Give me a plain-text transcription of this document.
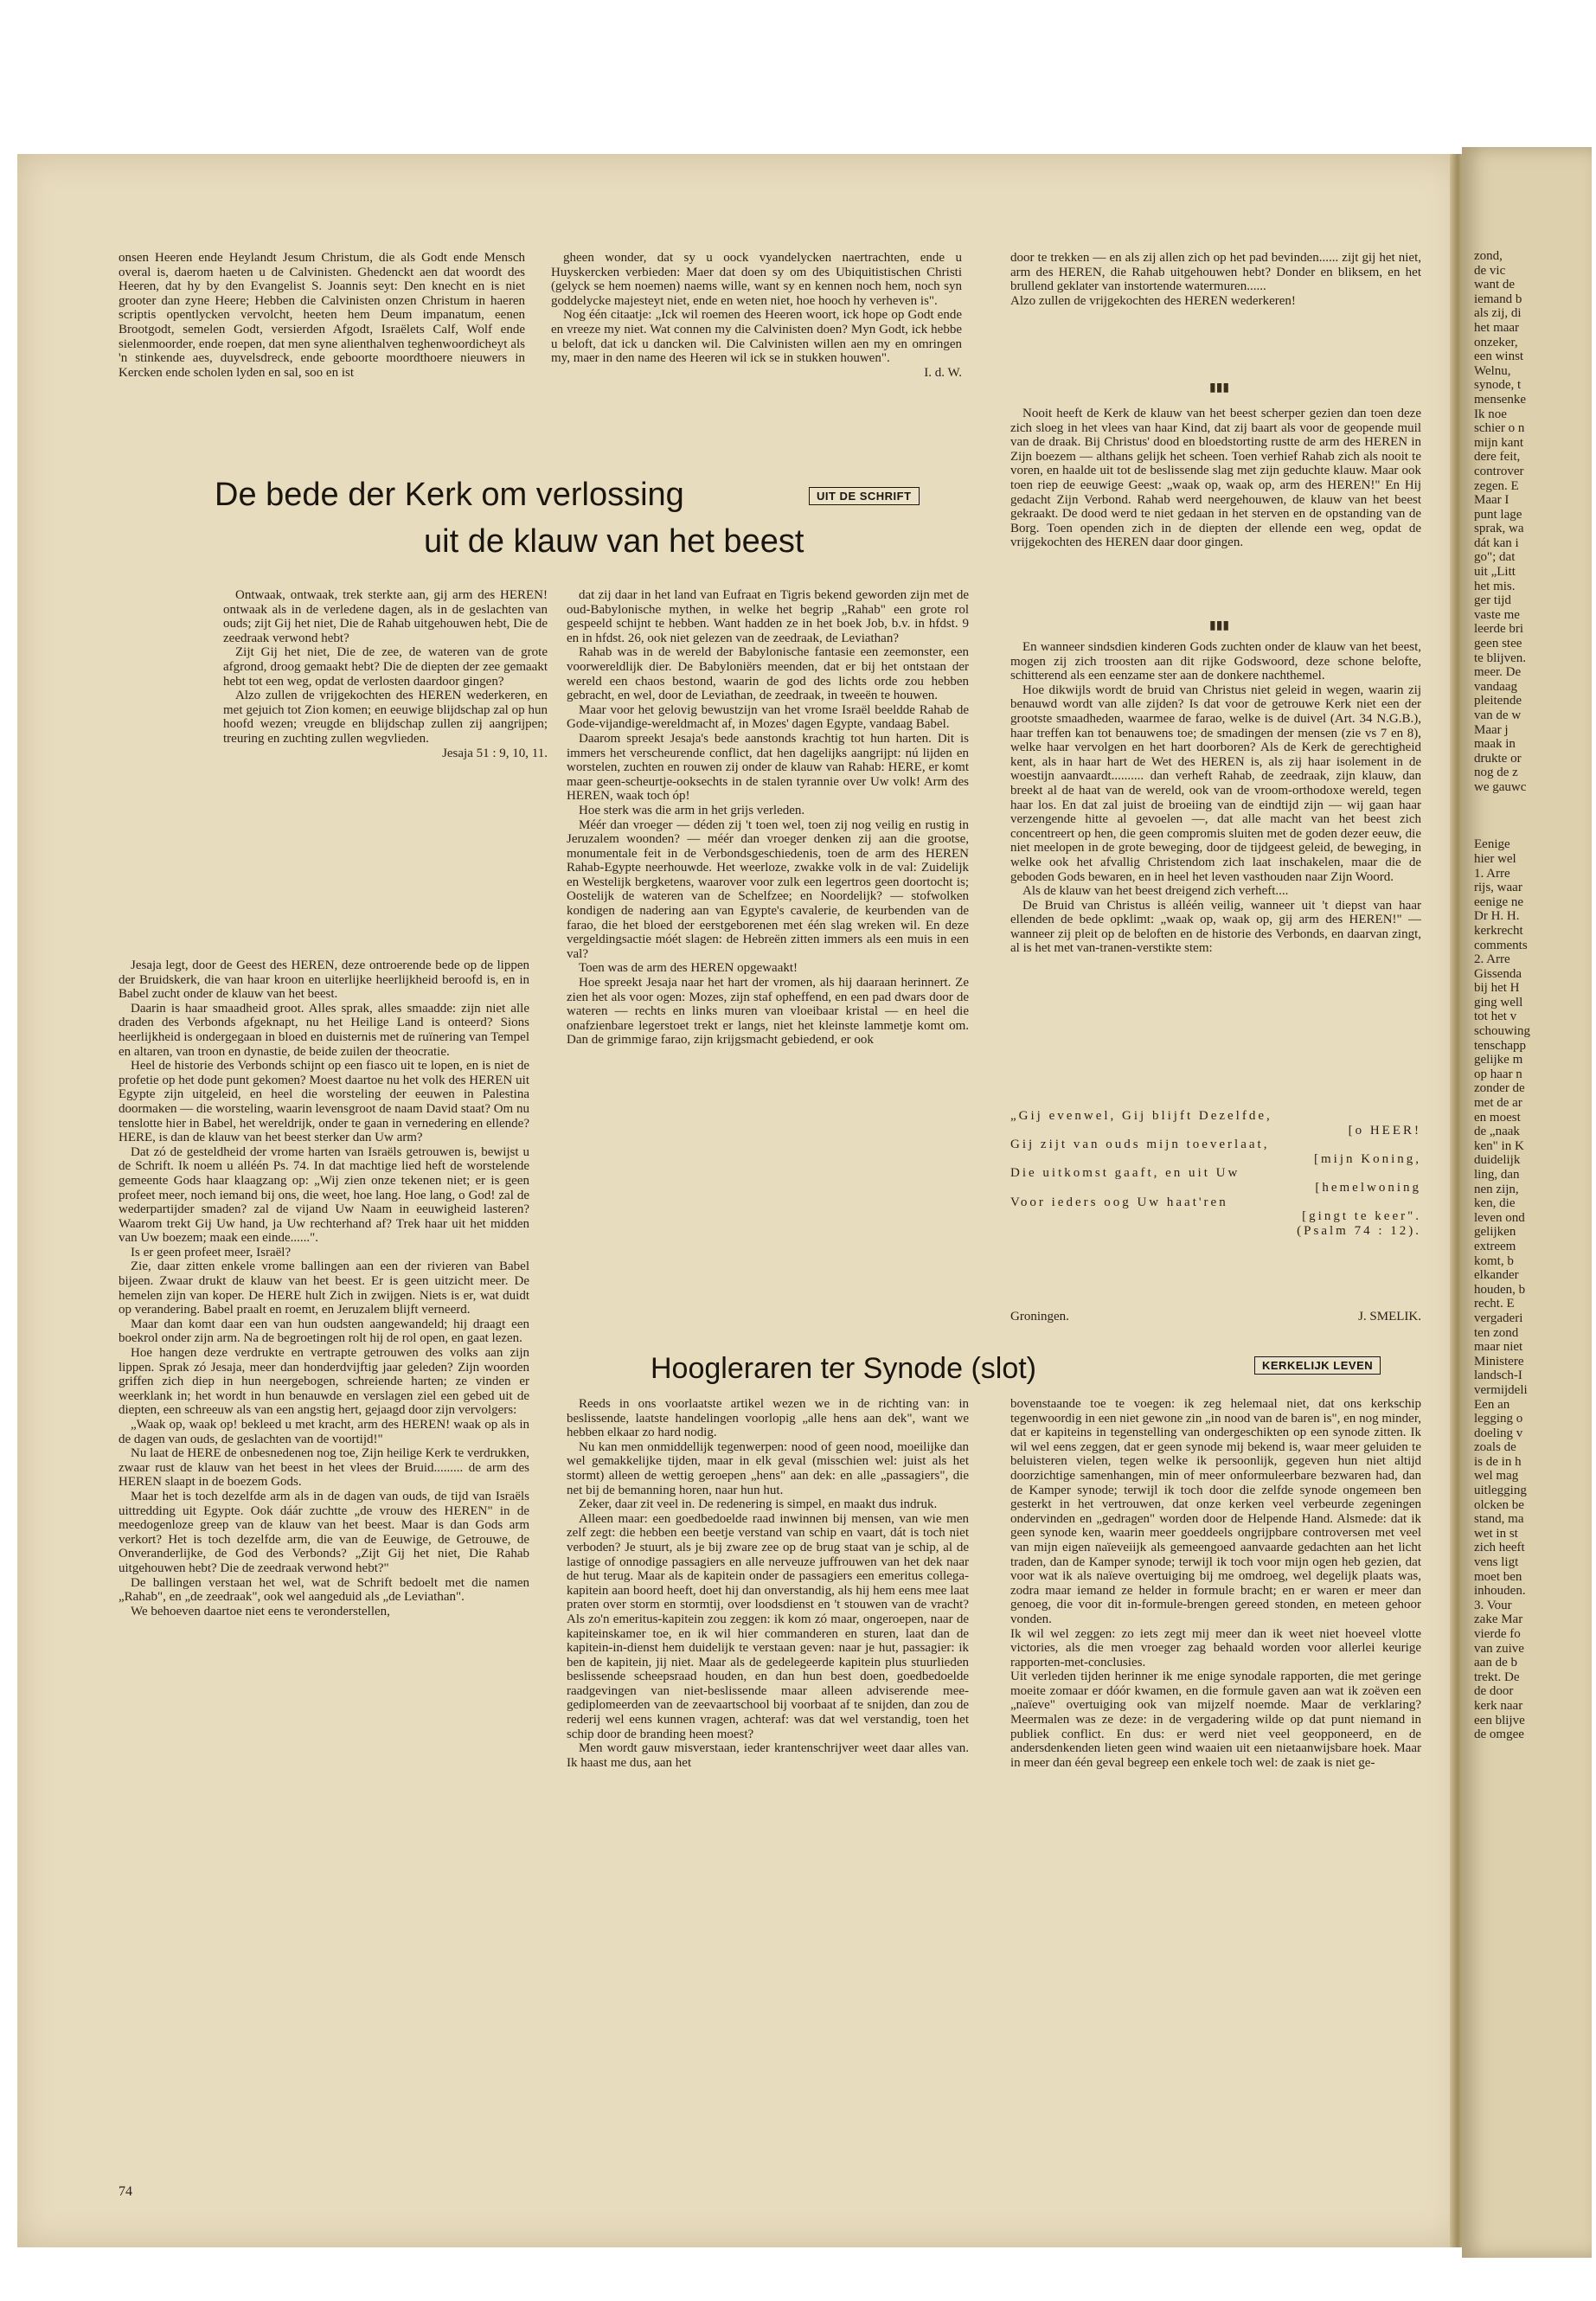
zond,
de vic
want de
iemand b
als zij, di
het maar
onzeker,
een winst
Welnu,
synode, t
mensenke
Ik noe
schier o n
mijn kant
dere feit,
controver
zegen. E
Maar I
punt lage
sprak, wa
dát kan i
go"; dat
uit „Litt
het mis.
ger tijd
vaste me
leerde bri
geen stee
te blijven.
meer. De
vandaag
pleitende
van de w
Maar j
maak in
drukte or
nog de z
we gauwc

Eenige
hier wel
1. Arre
rijs, waar
eenige ne
Dr H. H.
kerkrecht
comments
2. Arre
Gissenda
bij het H
ging well
tot het v
schouwing
tenschapp
gelijke m
op haar n
zonder de
met de ar
en moest
de „naak
ken" in K
duidelijk
ling, dan
nen zijn,
ken, die
leven ond
gelijken
extreem
komt, b
elkander
houden, b
recht. E
vergaderi
ten zond
maar niet
Ministere
landsch-I
vermijdeli
Een an
legging o
doeling v
zoals de
is de in h
wel mag
uitlegging
olcken be
stand, ma
wet in st
zich heeft
vens ligt
moet ben
inhouden.
3. Vour
zake Mar
vierde fo
van zuive
aan de b
trekt. De
de door
kerk naar
een blijve
de omgee

onsen Heeren ende Heylandt Jesum Christum, die als Godt ende Mensch overal is, daerom haeten u de Calvinisten. Ghedenckt aen dat woordt des Heeren, dat hy by den Evangelist S. Joannis seyt: Den knecht en is niet grooter dan zyne Heere; Hebben die Calvinisten onzen Christum in haeren scriptis opentlycken vervolcht, heeten hem Deum impanatum, eenen Brootgodt, semelen Godt, versierden Afgodt, Israëlets Calf, Wolf ende sielenmoorder, ende roepen, dat men syne alienthalven teghenwoordicheyt als 'n stinkende aes, duyvelsdreck, ende geboorte moordthoere nieuwers in Kercken ende scholen lyden en sal, soo en ist

gheen wonder, dat sy u oock vyandelycken naertrachten, ende u Huyskercken verbieden: Maer dat doen sy om des Ubiquitistischen Christi (gelyck se hem noemen) naems wille, want sy en kennen noch hem, noch syn goddelycke majesteyt niet, ende en weten niet, hoe hooch hy verheven is".

Nog één citaatje: „Ick wil roemen des Heeren woort, ick hope op Godt ende en vreeze my niet. Wat connen my die Calvinisten doen? Myn Godt, ick hebbe u beloft, dat ick u dancken wil. Die Calvinisten willen aen my en omringen my, maer in den name des Heeren wil ick se in stukken houwen".

I. d. W.

De bede der Kerk om verlossing
uit de klauw van het beest
UIT DE SCHRIFT

Ontwaak, ontwaak, trek sterkte aan, gij arm des HEREN! ontwaak als in de verledene dagen, als in de geslachten van ouds; zijt Gij het niet, Die de Rahab uitgehouwen hebt, Die de zeedraak verwond hebt?

Zijt Gij het niet, Die de zee, de wateren van de grote afgrond, droog gemaakt hebt? Die de diepten der zee gemaakt hebt tot een weg, opdat de verlosten daardoor gingen?

Alzo zullen de vrijgekochten des HEREN wederkeren, en met gejuich tot Zion komen; en eeuwige blijdschap zal op hun hoofd wezen; vreugde en blijdschap zullen zij aangrijpen; treuring en zuchting zullen wegvlieden.

Jesaja 51 : 9, 10, 11.

Jesaja legt, door de Geest des HEREN, deze ontroerende bede op de lippen der Bruidskerk, die van haar kroon en uiterlijke heerlijkheid beroofd is, en in Babel zucht onder de klauw van het beest.

Daarin is haar smaadheid groot. Alles sprak, alles smaadde: zijn niet alle draden des Verbonds afgeknapt, nu het Heilige Land is onteerd? Sions heerlijkheid is ondergegaan in bloed en duisternis met de ruïnering van Tempel en altaren, van troon en dynastie, de beide zuilen der theocratie.

Heel de historie des Verbonds schijnt op een fiasco uit te lopen, en is niet de profetie op het dode punt gekomen? Moest daartoe nu het volk des HEREN uit Egypte zijn uitgeleid, en heel die worsteling der eeuwen in Palestina doormaken — die worsteling, waarin levensgroot de naam David staat? Om nu tenslotte hier in Babel, het wereldrijk, onder te gaan in vernedering en ellende? HERE, is dan de klauw van het beest sterker dan Uw arm?

Dat zó de gesteldheid der vrome harten van Israëls getrouwen is, bewijst u de Schrift. Ik noem u alléén Ps. 74. In dat machtige lied heft de worstelende gemeente Gods haar klaagzang op: „Wij zien onze tekenen niet; er is geen profeet meer, noch iemand bij ons, die weet, hoe lang. Hoe lang, o God! zal de wederpartijder smaden? zal de vijand Uw Naam in eeuwigheid lasteren? Waarom trekt Gij Uw hand, ja Uw rechterhand af? Trek haar uit het midden van Uw boezem; maak een einde......".

Is er geen profeet meer, Israël?

Zie, daar zitten enkele vrome ballingen aan een der rivieren van Babel bijeen. Zwaar drukt de klauw van het beest. Er is geen uitzicht meer. De hemelen zijn van koper. De HERE hult Zich in zwijgen. Niets is er, wat duidt op verandering. Babel praalt en roemt, en Jeruzalem blijft verneerd.

Maar dan komt daar een van hun oudsten aangewandeld; hij draagt een boekrol onder zijn arm. Na de begroetingen rolt hij de rol open, en gaat lezen.

Hoe hangen deze verdrukte en vertrapte getrouwen des volks aan zijn lippen. Sprak zó Jesaja, meer dan honderdvijftig jaar geleden? Zijn woorden griffen zich diep in hun neergebogen, schreiende harten; ze vinden er weerklank in; het wordt in hun benauwde en verslagen ziel een gebed uit de diepten, een schreeuw als van een angstig hert, gejaagd door zijn vervolgers:

„Waak op, waak op! bekleed u met kracht, arm des HEREN! waak op als in de dagen van ouds, de geslachten van de voortijd!"

Nu laat de HERE de onbesnedenen nog toe, Zijn heilige Kerk te verdrukken, zwaar rust de klauw van het beest in het vlees der Bruid......... de arm des HEREN slaapt in de boezem Gods.

Maar het is toch dezelfde arm als in de dagen van ouds, de tijd van Israëls uittredding uit Egypte. Ook dáár zuchtte „de vrouw des HEREN" in de meedogenloze greep van de klauw van het beest. Maar is dan Gods arm verkort? Het is toch dezelfde arm, die van de Eeuwige, de Getrouwe, de Onveranderlijke, de God des Verbonds? „Zijt Gij het niet, Die Rahab uitgehouwen hebt? Die de zeedraak verwond hebt?"

De ballingen verstaan het wel, wat de Schrift bedoelt met die namen „Rahab", en „de zeedraak", ook wel aangeduid als „de Leviathan".

We behoeven daartoe niet eens te veronderstellen,

dat zij daar in het land van Eufraat en Tigris bekend geworden zijn met de oud-Babylonische mythen, in welke het begrip „Rahab" een grote rol gespeeld schijnt te hebben. Want hadden ze in het boek Job, b.v. in hfdst. 9 en in hfdst. 26, ook niet gelezen van de zeedraak, de Leviathan?

Rahab was in de wereld der Babylonische fantasie een zeemonster, een voorwereldlijk dier. De Babyloniërs meenden, dat er bij het ontstaan der wereld een chaos bestond, waarin de god des lichts orde zou hebben gebracht, en wel, door de Leviathan, de zeedraak, in tweeën te houwen.

Maar voor het gelovig bewustzijn van het vrome Israël beeldde Rahab de Gode-vijandige-wereldmacht af, in Mozes' dagen Egypte, vandaag Babel.

Daarom spreekt Jesaja's bede aanstonds krachtig tot hun harten. Dit is immers het verscheurende conflict, dat hen dagelijks aangrijpt: nú lijden en worstelen, zuchten en rouwen zij onder de klauw van Rahab: HERE, er komt maar geen-scheurtje-ooksechts in de stalen tyrannie over Uw volk! Arm des HEREN, waak toch óp!

Hoe sterk was die arm in het grijs verleden.

Méér dan vroeger — déden zij 't toen wel, toen zij nog veilig en rustig in Jeruzalem woonden? — méér dan vroeger denken zij aan die grootse, monumentale feit in de Verbondsgeschiedenis, toen de arm des HEREN Rahab-Egypte neerhouwde. Het weerloze, zwakke volk in de val: Zuidelijk en Westelijk bergketens, waarover voor zulk een legertros geen doortocht is; Oostelijk de wateren van de Schelfzee; en Noordelijk? — stofwolken kondigen de nadering aan van Egypte's cavalerie, de keurbenden van de farao, die het bloed der eerstgeborenen met één slag wreken wil. En deze vergeldingsactie móét slagen: de Hebreën zitten immers als een muis in een val?

Toen was de arm des HEREN opgewaakt!

Hoe spreekt Jesaja naar het hart der vromen, als hij daaraan herinnert. Ze zien het als voor ogen: Mozes, zijn staf opheffend, en een pad dwars door de wateren — rechts en links muren van vloeibaar kristal — en heel die onafzienbare legerstoet trekt er langs, niet het kleinste lammetje komt om. Dan de grimmige farao, zijn krijgsmacht gebiedend, er ook

door te trekken — en als zij allen zich op het pad bevinden...... zijt gij het niet, arm des HEREN, die Rahab uitgehouwen hebt? Donder en bliksem, en het brullend geklater van instortende watermuren......

Alzo zullen de vrijgekochten des HEREN wederkeren!

▮▮▮

Nooit heeft de Kerk de klauw van het beest scherper gezien dan toen deze zich sloeg in het vlees van haar Kind, dat zij baart als voor de geopende muil van de draak. Bij Christus' dood en bloedstorting rustte de arm des HEREN in Zijn boezem — althans gelijk het scheen. Toen verhief Rahab zich als nooit te voren, en haalde uit tot de beslissende slag met zijn geduchte klauw. Maar ook toen riep de eeuwige Geest: „waak op, waak op, arm des HEREN!" En Hij gedacht Zijn Verbond. Rahab werd neergehouwen, de klauw van het beest gekraakt. De dood werd te niet gedaan in het sterven en de opstanding van de Borg. Toen openden zich in de diepten der ellende een weg, opdat de vrijgekochten des HEREN daar door gingen.

▮▮▮

En wanneer sindsdien kinderen Gods zuchten onder de klauw van het beest, mogen zij zich troosten aan dit rijke Godswoord, deze schone belofte, schitterend als een eenzame ster aan de donkere nachthemel.

Hoe dikwijls wordt de bruid van Christus niet geleid in wegen, waarin zij benauwd wordt van alle zijden? Is dat voor de getrouwe Kerk niet een der grootste smaadheden, waarmee de farao, welke is de duivel (Art. 34 N.G.B.), haar treffen kan tot benauwens toe; de smadingen der mensen (zie vs 7 en 8), welke haar vervolgen en het hart doorboren? Als de Kerk de gerechtigheid kent, als in haar hart de Wet des HEREN is, als zij haar isolement in de woestijn aanvaardt.......... dan verheft Rahab, de zeedraak, zijn klauw, dan breekt al de haat van de wereld, ook van de vroom-orthodoxe wereld, tegen haar los. En dat zal juist de broeiing van de eindtijd zijn — wij gaan haar verzengende hitte al gevoelen —, dat alle macht van het beest zich concentreert op hen, die geen compromis sluiten met de goden dezer eeuw, die niet meelopen in de grote beweging, door de tijdgeest geleid, de beweging, in welke ook het afvallig Christendom zich laat inschakelen, maar die de geboden Gods bewaren, en in heel het leven vasthouden naar Zijn Woord.

Als de klauw van het beest dreigend zich verheft....

De Bruid van Christus is alléén veilig, wanneer uit 't diepst van haar ellenden de bede opklimt: „waak op, waak op, gij arm des HEREN!" — wanneer zij pleit op de beloften en de historie des Verbonds, en daarvan zingt, al is het met van-tranen-verstikte stem:

„Gij evenwel, Gij blijft Dezelfde,

[o HEER!

Gij zijt van ouds mijn toeverlaat,

[mijn Koning,

Die uitkomst gaaft, en uit Uw

[hemelwoning

Voor ieders oog Uw haat'ren

[gingt te keer".

(Psalm 74 : 12).

Groningen.	J. SMELIK.

Hoogleraren ter Synode (slot)	KERKELIJK LEVEN

Reeds in ons voorlaatste artikel wezen we in de richting van: in beslissende, laatste handelingen voorlopig „alle hens aan dek", want we hebben elkaar zo hard nodig.

Nu kan men onmiddellijk tegenwerpen: nood of geen nood, moeilijke dan wel gemakkelijke tijden, maar in elk geval (misschien wel: juist als het stormt) alleen de wettig geroepen „hens" aan dek: en alle „passagiers", die net bij de bemanning horen, naar hun hut.

Zeker, daar zit veel in. De redenering is simpel, en maakt dus indruk.

Alleen maar: een goedbedoelde raad inwinnen bij mensen, van wie men zelf zegt: die hebben een beetje verstand van schip en vaart, dát is toch niet verboden? Je stuurt, als je bij zware zee op de brug staat van je schip, al de lastige of onnodige passagiers en alle nerveuze juffrouwen van het dek naar de hut terug. Maar als de kapitein onder de passagiers een emeritus collega-kapitein aan boord heeft, doet hij dan onverstandig, als hij hem eens mee laat praten over storm en stormtij, over loodsdienst en 't stouwen van de vracht? Als zo'n emeritus-kapitein zou zeggen: ik kom zó maar, ongeroepen, naar de kapiteinskamer toe, en ik wil hier commanderen en sturen, laat dan de kapitein-in-dienst hem duidelijk te verstaan geven: naar je hut, passagier: ik ben de kapitein, jij niet. Maar als de gedelegeerde kapitein plus stuurlieden beslissende scheepsraad houden, en dan hun best doen, goedbedoelde raadgevingen van niet-beslissende maar alleen adviserende mee-gediplomeerden van de zeevaartschool bij voorbaat af te snijden, dan zou de rederij wel eens kunnen vragen, achteraf: was dat wel verstandig, toen het schip door de branding heen moest?

Men wordt gauw misverstaan, ieder krantenschrijver weet daar alles van. Ik haast me dus, aan het

bovenstaande toe te voegen: ik zeg helemaal niet, dat ons kerkschip tegenwoordig in een niet gewone zin „in nood van de baren is", en nog minder, dat er kapiteins in tegenstelling van ondergeschikten op een synode zitten. Ik wil wel eens zeggen, dat er geen synode mij bekend is, waar meer geluiden te beluisteren vielen, tegen welke ik persoonlijk, gegeven hun niet altijd doorzichtige samenhangen, min of meer onformuleerbare bezwaren had, dan de Kamper synode; terwijl ik toch door die zelfde synode ongemeen ben gesterkt in het vertrouwen, dat onze kerken veel verbeurde zegeningen ondervinden en „gedragen" worden door de Helpende Hand. Alsmede: dat ik geen synode ken, waarin meer goeddeels ongrijpbare controversen met veel van mijn eigen naïeveiijk als gemeengoed aanvaarde gedachten aan het licht traden, dan de Kamper synode; terwijl ik toch voor mijn ogen heb gezien, dat voor wat ik als naïeve overtuiging bij me omdroeg, wel degelijk plaats was, zodra maar iemand ze helder in formule bracht; en er waren er meer dan genoeg, die voor dit in-formule-brengen gereed stonden, en meteen gehoor vonden.

Ik wil wel zeggen: zo iets zegt mij meer dan ik weet niet hoeveel vlotte victories, als die men vroeger zag behaald worden voor allerlei keurige rapporten-met-conclusies.

Uit verleden tijden herinner ik me enige synodale rapporten, die met geringe moeite zomaar er dóór kwamen, en die formule gaven aan wat ik zoëven een „naïeve" overtuiging ook van mijzelf noemde. Maar de verklaring? Meermalen was ze deze: in de vergadering wilde op dat punt niemand in publiek conflict. En dus: er werd niet veel geopponeerd, en de andersdenkenden lieten geen wind waaien uit een nietaanwijsbare hoek. Maar in meer dan één geval begreep een enkele toch wel: de zaak is niet ge-

74
